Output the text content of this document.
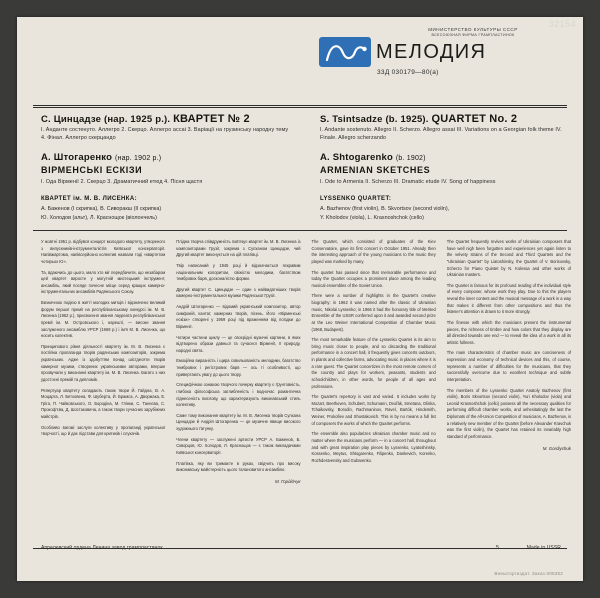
32154
МИНИСТЕРСТВО КУЛЬТУРЫ СССР
ВСЕСОЮЗНАЯ ФИРМА ГРАМПЛАСТИНОК
МЕЛОДИЯ
33Д 030179—80(а)
С. Цинцадзе (нар. 1925 р.). КВАРТЕТ № 2
I. Анданте состенуто. Аллегро 2. Скерцо. Аллегро ассаі 3. Варіації на грузинську народну тему 4. Фінал. Аллегро скерцандо
А. Штогаренко (нар. 1902 р.)
ВІРМЕНСЬКІ ЕСКІЗИ
I. Ода Вірменії 2. Скерцо 3. Драматичний етюд 4. Пісня щастя
КВАРТЕТ ім. М. В. ЛИСЕНКА:
А. Баженов (І скрипка), В. Сиворакш (ІІ скрипка)
Ю. Холодов (альт), Л. Краснощок (віолончель)
S. Tsintsadze (b. 1925). QUARTET No. 2
I. Andante sostenuto. Allegro II. Scherzo. Allegro assai III. Variations on a Georgian folk theme IV. Finale. Allegro scherzando
A. Shtogarenko (b. 1902)
ARMENIAN SKETCHES
I. Ode to Armenia II. Scherzo III. Dramatic etude IV. Song of happiness
LYSSENKO QUARTET:
A. Bazhenov (first violin), B. Skvortsov (second violin),
Y. Kholodov (viola), L. Krasnoshchok (cello)

У жовтні 1951 р. відбувся концерт молодого квартету, утвореного з випускників-інструменталістів Київської консерваторії. Напівжартома, напівсерйозно колектив назвали тоді «квартетом чотирьох Ю».

Та, вдаючись до цього, мало хто міг передбачити, що незабаром цей квартет виросте у могутній мистецький інструмент, ансамбль, який посяде почесне місце серед кращих камерно-інструментальних ансамблів Радянського Союзу.

Визначною подією в житті молодих митців і відзначено великий форум першої премії на республіканському конкурсі ім. М. В. Лисенка (1962 р.), присвоєння звання лауреата республіканської премії ім. М. Островського і, нарешті, — високе звання заслуженого ансамблю УРСР (1969 р.) і ім'я М. В. Лисенка, що носить колектив.

Принципового рівня діяльності квартету ім. М. В. Лисенка є постійна пропаганда творів радянських композиторів, зокрема українських. Адже із здобуттям понад шістдесяти творів камерної музики, створених українськими авторами, вперше прозвучали у виконанні квартету ім. М. В. Лисенка. Багато з них удостоєні премій та дипломів.

Репертуар квартету складають також твори Й. Гайдна, В. А. Моцарта, Л. Бетховена, Ф. Шуберта, Й. Брамса, А. Дворжака, Е. Гріга, П. Чайковського, О. Бородіна, М. Глінки, С. Танєєва, С. Прокоф'єва, Д. Шостаковича, а також твори сучасних зарубіжних майстрів.

Особливо вагомі заслуги колективу у пропаганді української творчості, що й дає підстави для критиків і слухачів.

Плідна творча співдружність пов'язує квартет ім. М. В. Лисенка із композиторами Грузії, зокрема з Сулханом Цинцадзе, чий Другий квартет виконується на цій платівці.

Твір написаний у 1945 році й відзначається яскравим національним колоритом, свіжістю мелодики, багатством тембрових барв, досконалістю форми.

Другий квартет С. Цинцадзе — один з найвидатніших творів камерно-інструментальної музики Радянської Грузії.

Андрій Штогаренко — відомий український композитор, автор симфоній, кантат, камерних творів, пісень. Його «Вірменські ескізи» створені у 1959 році під враженням від поїздки до Вірменії.

Чотири частини циклу — це своєрідні музичні картини, в яких відтворено образи давньої та сучасної Вірменії, її природу, народні свята.

Емоційна виразність і щира схвильованість мелодики, багатство тембрових і регістрових барв — ось ті особливості, що привертають увагу до цього твору.

Специфічною ознакою творчого почерку квартету є ґрунтовність, глибока філософська заглибленість і водночас романтична піднесеність вислову, що характеризують виконавський стиль колективу.

Саме тому виконання квартету ім. М. В. Лисенка творів Сулхана Цинцадзе й Андрія Штогаренка — це музичне явище високого художнього ґатунку.

Члени квартету — заслужені артисти УРСР А. Баженов, Б. Скворцов, Ю. Холодов, Л. Краснощок — є також викладачами Київської консерваторії.

Платівка, яку ви тримаєте в руках, свідчить про високу виконавську майстерність цього талановитого ансамблю.

М. Гордійчук

The Quartet, which consisted of graduates of the Kiev Conservatoire, gave its first concert in October 1951. Already then the interesting approach of the young musicians to the music they played was marked by many.

The quartet has passed since that memorable performance and today the Quartet occupies a prominent place among the leading musical ensembles of the Soviet Union.

There were a number of highlights in the Quartet's creative biography: in 1962 it was named after the classic of Ukrainian music, Nikolai Lyssenko; in 1966 it had the honorary title of Merited Ensemble of the USSR conferred upon it and awarded second prize at the Leo Weiner International Competition of Chamber Music (1968, Budapest).

The most remarkable feature of the Lyssenko Quartet is its aim to bring music closer to people, and so discarding the traditional performance in a concert hall, it frequently gives concerts outdoors, in plants and collective farms, advocating music in places where it is a rare guest. The Quartet concertizes in the most remote corners of the country and plays for workers, peasants, students and schoolchildren, in other words, for people of all ages and professions.

The Quartet's repertory is vast and varied. It includes works by Mozart, Beethoven, Schubert, Schumann, Dvořák, Smetana, Glinka, Tchaikovsky, Borodin, Rachmaninov, Ravel, Bartók, Hindemith, Weiner, Prokofiev and Shostakovich. This is by no means a full list of composers the works of which the Quartet performs.

The ensemble also popularizes Ukrainian chamber music and no matter where the musicians perform — in a concert hall, throughout and with great inspiration play pieces by Lyssenko, Lyatoshinsky, Kossenko, Meytus, Shtogarenko, Filipenko, Dankevich, Korenko, Rozhdestvensky and Gubarenko.

The Quartet frequently revives works of Ukrainian composers that have well nigh been forgotten and experiences yet again listen to the velvety strains of the Second and Third Quartets and the "Ukrainian Quartet" by Liatoshinsky, the Quartet of V. Borisovsky, Scherzo for Piano Quintet by N. Kolessa and other works of Ukrainian masters.

The Quartet is famous for its profound reading of the individual style of every composer, whose work they play. Due to this the players reveal the inner content and the musical message of a work in a way that makes it different from other compositions and thus the listener's attention is drawn to it more strongly.

The finesse with which the musicians present the instrumental pieces, the richness of timbre and how colors that they display are all directed towards one end — to reveal the idea of a work in all its artistic fullness.

The main characteristics of chamber music are conciseness of expression and economy of technical devices and this, of course, represents a number of difficulties for the musicians, that they successfully overcome due to excellent technique and subtle interpretation.

The members of the Lyssenko Quartet Anatoly Bazhenov (first violin), Boris Skvortsov (second violin), Yuri Kholodov (viola) and Leonid Krasnoshchok (cello) possess all the necessary qualities for performing difficult chamber works, and unhesitatingly the last the Diplomats of the All-Union Competition of musicians, A. Bazhenov, is a relatively new member of the Quartet (before Alexander Kravchuk was the first violin), the Quartet has retained its invariably high standard of performance.

M. Gordiychuk
Апрелевский ордена Ленина завод грампластинок	5	Made in USSR
Внешторгиздат. Заказ 005352
